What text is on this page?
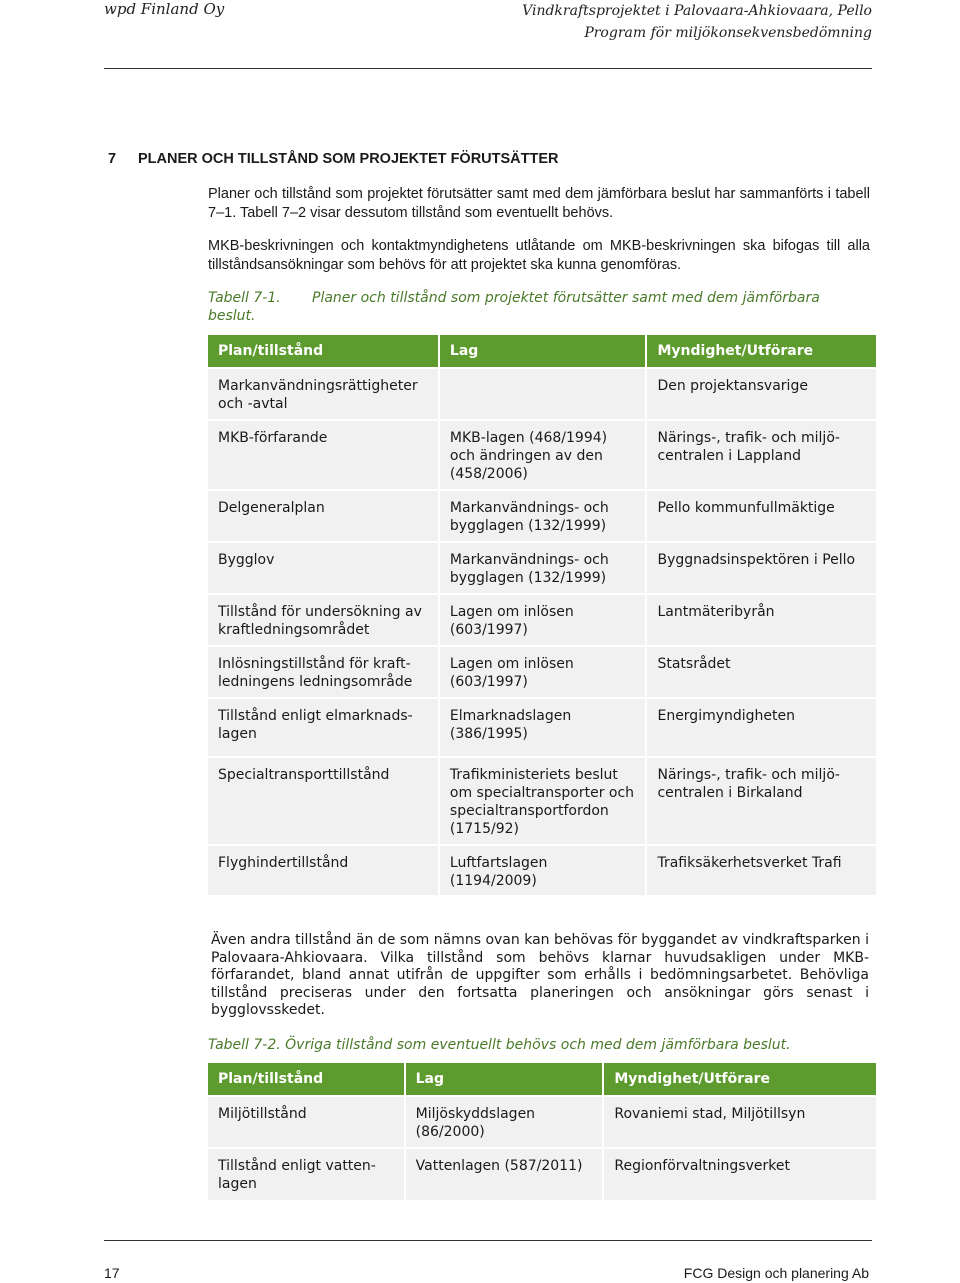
wpd Finland Oy	Vindkraftsprojektet i Palovaara-Ahkiovaara, Pello
Program för miljökonsekvensbedömning
7 PLANER OCH TILLSTÅND SOM PROJEKTET FÖRUTSÄTTER

Planer och tillstånd som projektet förutsätter samt med dem jämförbara beslut har sammanförts i tabell 7–1. Tabell 7–2 visar dessutom tillstånd som eventuellt behövs.

MKB-beskrivningen och kontaktmyndighetens utlåtande om MKB-beskrivningen ska bifogas till alla tillståndsansökningar som behövs för att projektet ska kunna genomföras.

Tabell 7-1. Planer och tillstånd som projektet förutsätter samt med dem jämförbara beslut.

Plan/tillstånd	Lag	Myndighet/Utförare
Markanvändningsrättigheter och -avtal		Den projektansvarige
MKB-förfarande	MKB-lagen (468/1994) och ändringen av den (458/2006)	Närings-, trafik- och miljöcentralen i Lappland
Delgeneralplan	Markanvändnings- och bygglagen (132/1999)	Pello kommunfullmäktige
Bygglov	Markanvändnings- och bygglagen (132/1999)	Byggnadsinspektören i Pello
Tillstånd för undersökning av kraftledningsområdet	Lagen om inlösen (603/1997)	Lantmäteribyrån
Inlösningstillstånd för kraftledningens ledningsområde	Lagen om inlösen (603/1997)	Statsrådet
Tillstånd enligt elmarknadslagen	Elmarknadslagen (386/1995)	Energimyndigheten
Specialtransporttillstånd	Trafikministeriets beslut om specialtransporter och specialtransportfordon (1715/92)	Närings-, trafik- och miljöcentralen i Birkaland
Flyghindertillstånd	Luftfartslagen (1194/2009)	Trafiksäkerhetsverket Trafi

Även andra tillstånd än de som nämns ovan kan behövas för byggandet av vindkraftsparken i Palovaara-Ahkiovaara. Vilka tillstånd som behövs klarnar huvudsakligen under MKB-förfarandet, bland annat utifrån de uppgifter som erhålls i bedömningsarbetet. Behövliga tillstånd preciseras under den fortsatta planeringen och ansökningar görs senast i bygglovsskedet.

Tabell 7-2. Övriga tillstånd som eventuellt behövs och med dem jämförbara beslut.

Plan/tillstånd	Lag	Myndighet/Utförare
Miljötillstånd	Miljöskyddslagen (86/2000)	Rovaniemi stad, Miljötillsyn
Tillstånd enligt vattenlagen	Vattenlagen (587/2011)	Regionförvaltningsverket
17	FCG Design och planering Ab
